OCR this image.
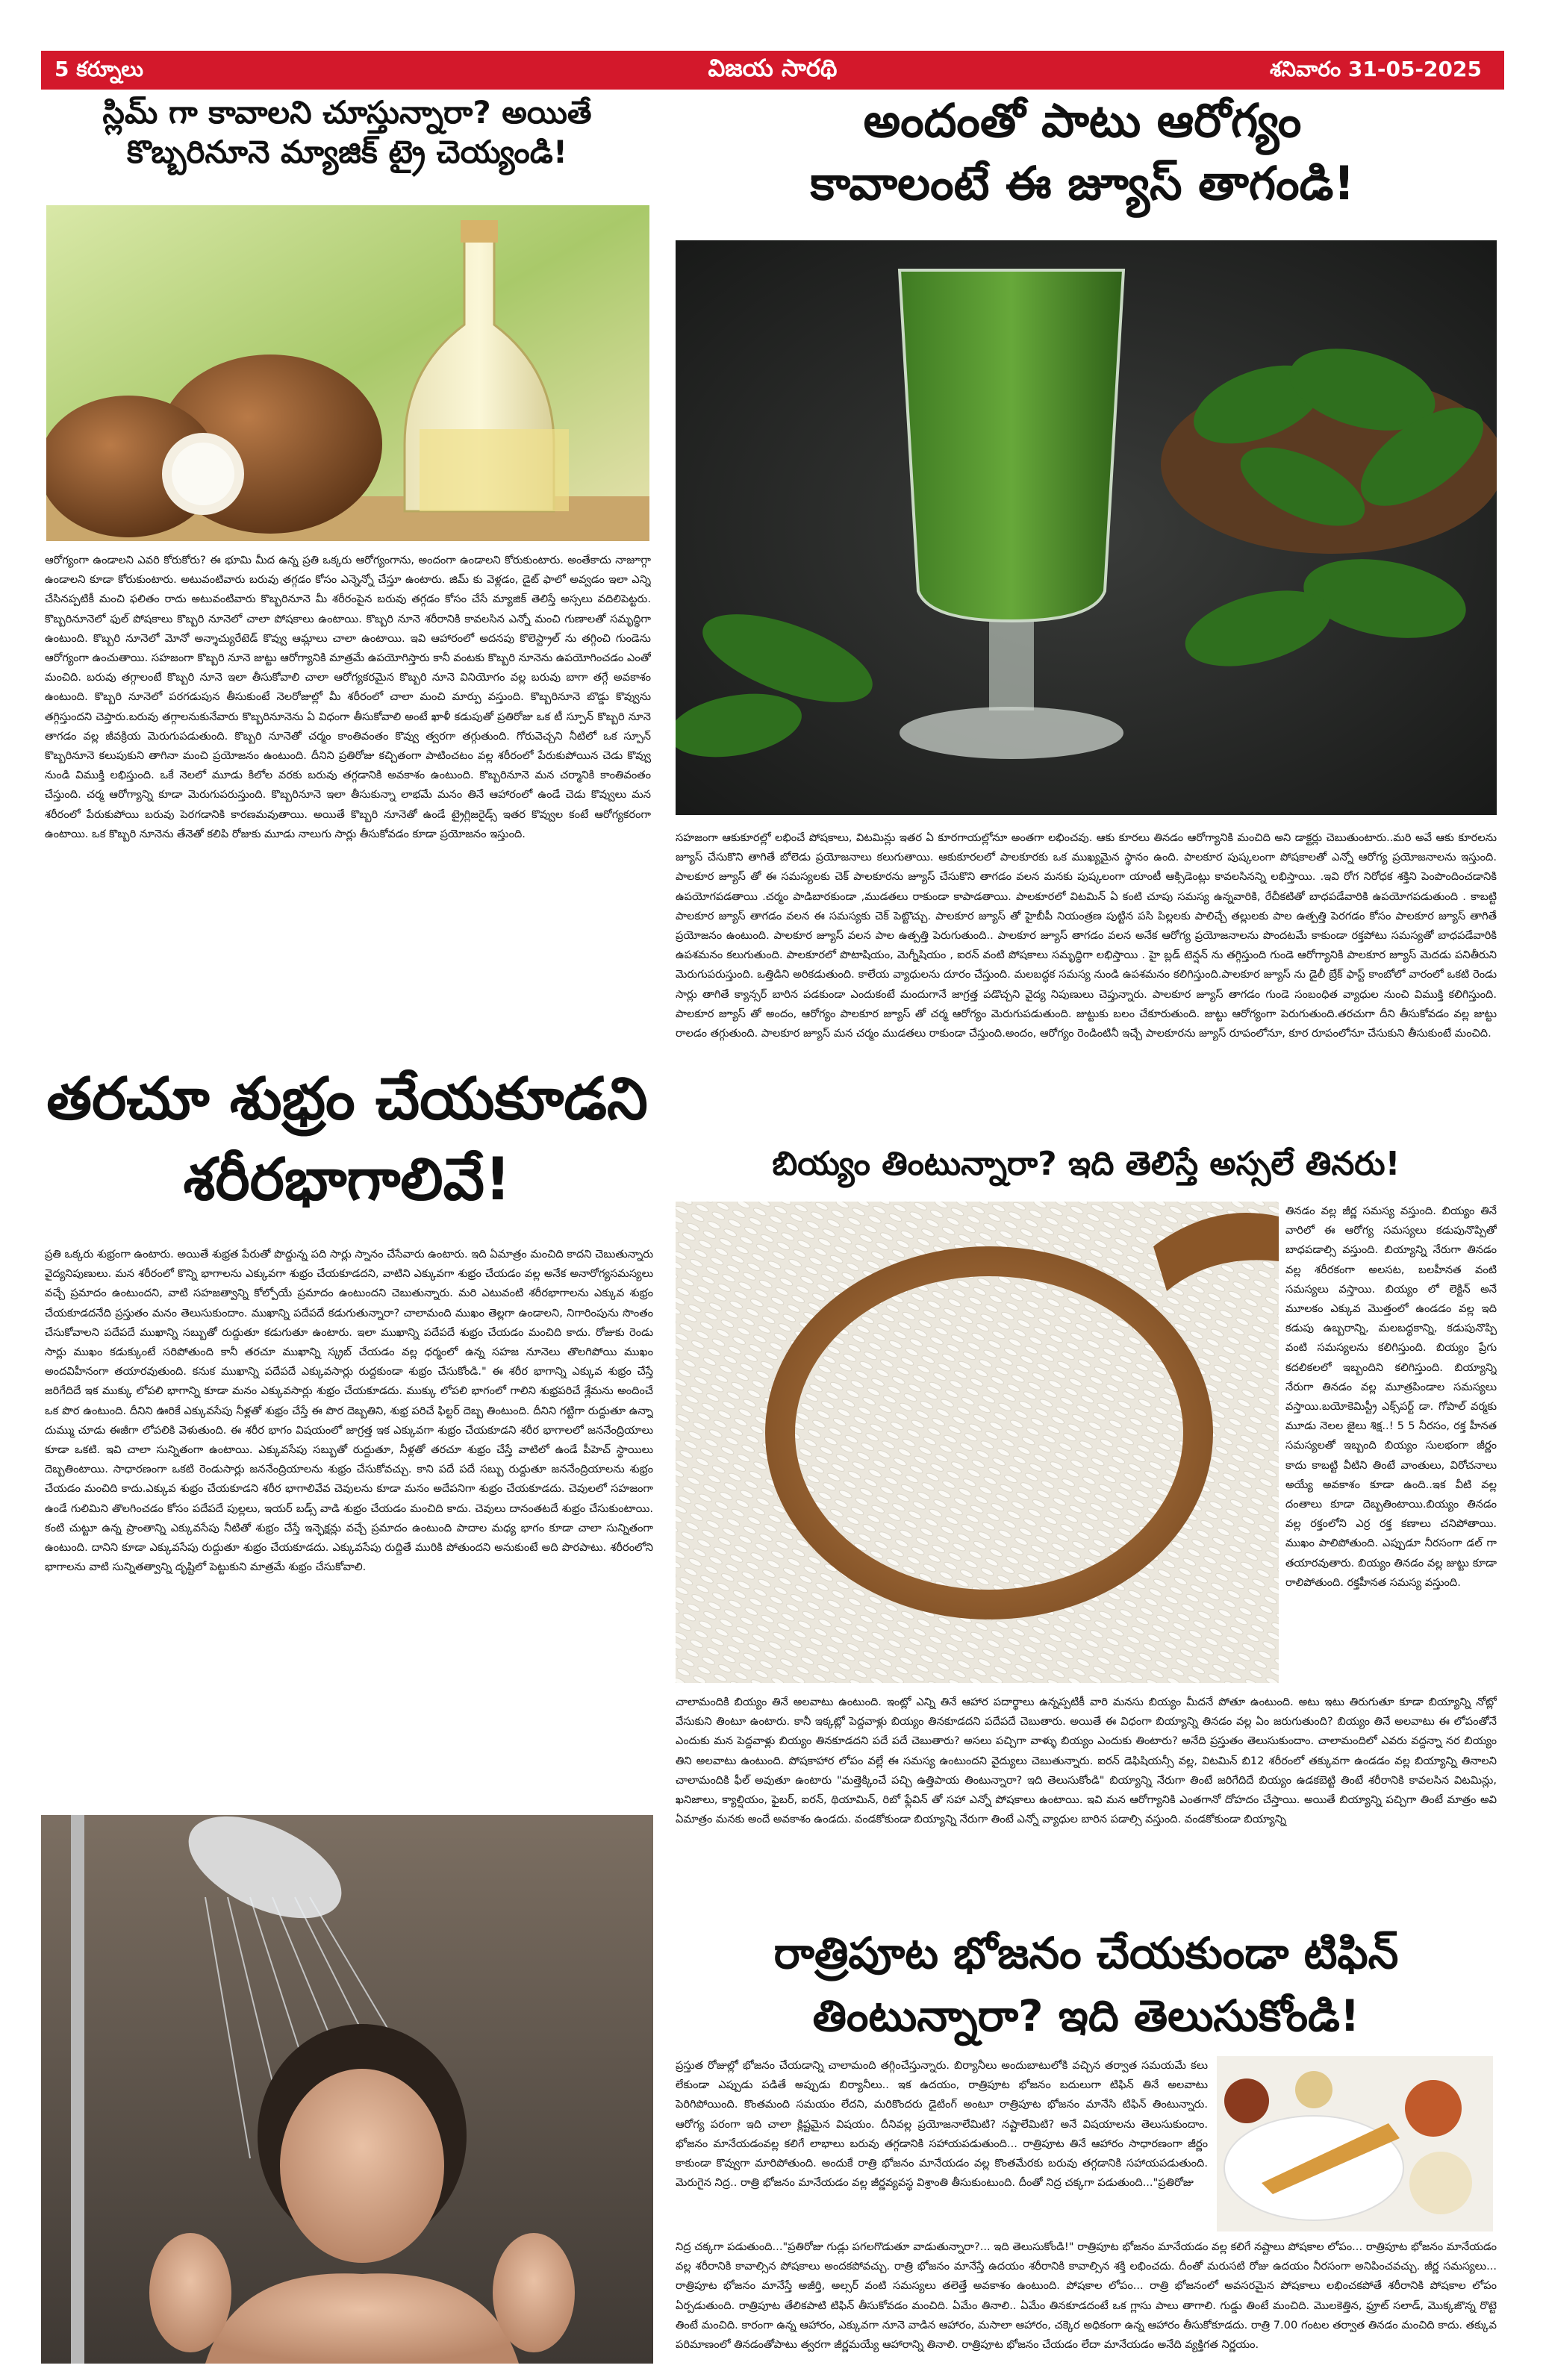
5 కర్నూలు	విజయ సారథి	శనివారం 31-05-2025
స్లిమ్ గా కావాలని చూస్తున్నారా? అయితే
కొబ్బరినూనె మ్యాజిక్ ట్రై చెయ్యండి!

ఆరోగ్యంగా ఉండాలని ఎవరి కోరుకోరు? ఈ భూమి మీద ఉన్న ప్రతి ఒక్కరు ఆరోగ్యంగాను, అందంగా ఉండాలని కోరుకుంటారు. అంతేకాదు నాజూగ్గా ఉండాలని కూడా కోరుకుంటారు. అటువంటివారు బరువు తగ్గడం కోసం ఎన్నెన్నో చేస్తూ ఉంటారు. జిమ్ కు వెళ్లడం, డైట్ ఫాలో అవ్వడం ఇలా ఎన్ని చేసినప్పటికీ మంచి ఫలితం రాదు అటువంటివారు కొబ్బరినూనె మీ శరీరంపైన బరువు తగ్గడం కోసం చేసే మ్యాజిక్ తెలిస్తే అస్సలు వదిలిపెట్టరు. కొబ్బరినూనెలో ఫుల్ పోషకాలు కొబ్బరి నూనెలో చాలా పోషకాలు ఉంటాయి. కొబ్బరి నూనె శరీరానికి కావలసిన ఎన్నో మంచి గుణాలతో సమృద్ధిగా ఉంటుంది. కొబ్బరి నూనెలో మోనో అన్శాచ్యురేటెడ్ కొవ్వు ఆమ్లాలు చాలా ఉంటాయి. ఇవి ఆహారంలో అదనపు కొలెస్ట్రాల్ ను తగ్గించి గుండెను ఆరోగ్యంగా ఉంచుతాయి. సహజంగా కొబ్బరి నూనె జుట్టు ఆరోగ్యానికి మాత్రమే ఉపయోగిస్తారు కానీ వంటకు కొబ్బరి నూనెను ఉపయోగించడం ఎంతో మంచిది. బరువు తగ్గాలంటే కొబ్బరి నూనె ఇలా తీసుకోవాలి చాలా ఆరోగ్యకరమైన కొబ్బరి నూనె వినియోగం వల్ల బరువు బాగా తగ్గే అవకాశం ఉంటుంది. కొబ్బరి నూనెలో పరగడుపున తీసుకుంటే నెలరోజుల్లో మీ శరీరంలో చాలా మంచి మార్పు వస్తుంది. కొబ్బరినూనె బొడ్డు కొవ్వును తగ్గిస్తుందని చెప్తారు.బరువు తగ్గాలనుకునేవారు కొబ్బరినూనెను ఏ విధంగా తీసుకోవాలి అంటే ఖాళీ కడుపుతో ప్రతిరోజు ఒక టీ స్పూన్ కొబ్బరి నూనె తాగడం వల్ల జీవక్రియ మెరుగుపడుతుంది. కొబ్బరి నూనెతో చర్మం కాంతివంతం కొవ్వు త్వరగా తగ్గుతుంది. గోరువెచ్చని నీటిలో ఒక స్పూన్ కొబ్బరినూనె కలుపుకుని తాగినా మంచి ప్రయోజనం ఉంటుంది. దీనిని ప్రతిరోజు కచ్చితంగా పాటించటం వల్ల శరీరంలో పేరుకుపోయిన చెడు కొవ్వు నుండి విముక్తి లభిస్తుంది. ఒకే నెలలో మూడు కిలోల వరకు బరువు తగ్గడానికి అవకాశం ఉంటుంది. కొబ్బరినూనె మన చర్మానికి కాంతివంతం చేస్తుంది. చర్మ ఆరోగ్యాన్ని కూడా మెరుగుపరుస్తుంది. కొబ్బరినూనె ఇలా తీసుకున్నా లాభమే మనం తినే ఆహారంలో ఉండే చెడు కొవ్వులు మన శరీరంలో పేరుకుపోయి బరువు పెరగడానికి కారణమవుతాయి. అయితే కొబ్బరి నూనెతో ఉండే ట్రైగ్లిజరైడ్స్ ఇతర కొవ్వుల కంటే ఆరోగ్యకరంగా ఉంటాయి. ఒక కొబ్బరి నూనెను తేనెతో కలిపి రోజుకు మూడు నాలుగు సార్లు తీసుకోవడం కూడా ప్రయోజనం ఇస్తుంది.

అందంతో పాటు ఆరోగ్యం
కావాలంటే ఈ జ్యూస్ తాగండి!

సహజంగా ఆకుకూరల్లో లభించే పోషకాలు, విటమిన్లు ఇతర ఏ కూరగాయల్లోనూ అంతగా లభించవు. ఆకు కూరలు తినడం ఆరోగ్యానికి మంచిది అని డాక్టర్లు చెబుతుంటారు..మరి అవే ఆకు కూరలను జ్యూస్ చేసుకొని తాగితే బోలెడు ప్రయోజనాలు కలుగుతాయి. ఆకుకూరలలో పాలకూరకు ఒక ముఖ్యమైన స్థానం ఉంది. పాలకూర పుష్కలంగా పోషకాలతో ఎన్నో ఆరోగ్య ప్రయోజనాలను ఇస్తుంది. పాలకూర జ్యూస్ తో ఈ సమస్యలకు చెక్ పాలకూరను జ్యూస్ చేసుకొని తాగడం వలన మనకు పుష్కలంగా యాంటీ ఆక్సిడెంట్లు కావలసినన్ని లభిస్తాయి. .ఇవి రోగ నిరోధక శక్తిని పెంపొందించడానికి ఉపయోగపడతాయి .చర్మం పాడిబారకుండా ,ముడతలు రాకుండా కాపాడతాయి. పాలకూరలో విటమిన్ ఏ కంటి చూపు సమస్య ఉన్నవారికి, రేచీకటితో బాధపడేవారికి ఉపయోగపడుతుంది . కాబట్టి పాలకూర జ్యూస్ తాగడం వలన ఈ సమస్యకు చెక్ పెట్టొచ్చు. పాలకూర జ్యూస్ తో హైబీపీ నియంత్రణ పుట్టిన పసి పిల్లలకు పాలిచ్చే తల్లులకు పాల ఉత్పత్తి పెరగడం కోసం పాలకూర జ్యూస్ తాగితే ప్రయోజనం ఉంటుంది. పాలకూర జ్యూస్ వలన పాల ఉత్పత్తి పెరుగుతుంది.. పాలకూర జ్యూస్ తాగడం వలన అనేక ఆరోగ్య ప్రయోజనాలను పొందటమే కాకుండా రక్తపోటు సమస్యతో బాధపడేవారికి ఉపశమనం కలుగుతుంది. పాలకూరలో పొటాషియం, మెగ్నీషియం , ఐరన్ వంటి పోషకాలు సమృద్ధిగా లభిస్తాయి . హై బ్లడ్ టెన్షన్ ను తగ్గిస్తుంది గుండె ఆరోగ్యానికి పాలకూర జ్యూస్ మెదడు పనితీరుని మెరుగుపరుస్తుంది. ఒత్తిడిని అరికడుతుంది. కాలేయ వ్యాధులను దూరం చేస్తుంది. మలబద్ధక సమస్య నుండి ఉపశమనం కలిగిస్తుంది.పాలకూర జ్యూస్ ను డైలీ బ్రేక్ ఫాస్ట్ కాంబోలో వారంలో ఒకటి రెండు సార్లు తాగితే క్యాన్సర్ బారిన పడకుండా ఎందుకంటే మందుగానే జాగ్రత్త పడొచ్చని వైద్య నిపుణులు చెప్తున్నారు. పాలకూర జ్యూస్ తాగడం గుండె సంబంధిత వ్యాధుల నుంచి విముక్తి కలిగిస్తుంది. పాలకూర జ్యూస్ తో అందం, ఆరోగ్యం పాలకూర జ్యూస్ తో చర్మ ఆరోగ్యం మెరుగుపడుతుంది. జుట్టుకు బలం చేకూరుతుంది. జుట్టు ఆరోగ్యంగా పెరుగుతుంది.తరచుగా దీని తీసుకోవడం వల్ల జుట్టు రాలడం తగ్గుతుంది. పాలకూర జ్యూస్ మన చర్మం ముడతలు రాకుండా చేస్తుంది.అందం, ఆరోగ్యం రెండింటినీ ఇచ్చే పాలకూరను జ్యూస్ రూపంలోనూ, కూర రూపంలోనూ చేసుకుని తీసుకుంటే మంచిది.

తరచూ శుభ్రం చేయకూడని
శరీరభాగాలివే!

ప్రతి ఒక్కరు శుభ్రంగా ఉంటారు. అయితే శుభ్రత పేరుతో పొద్దున్న పది సార్లు స్నానం చేసేవారు ఉంటారు. ఇది ఏమాత్రం మంచిది కాదని చెబుతున్నారు వైద్యనిపుణులు. మన శరీరంలో కొన్ని భాగాలను ఎక్కువగా శుభ్రం చేయకూడదని, వాటిని ఎక్కువగా శుభ్రం చేయడం వల్ల అనేక అనారోగ్యసమస్యలు వచ్చే ప్రమాదం ఉంటుందని, వాటి సహజత్వాన్ని కోల్పోయే ప్రమాదం ఉంటుందని చెబుతున్నారు. మరి ఎటువంటి శరీరభాగాలను ఎక్కువ శుభ్రం చేయకూడదనేది ప్రస్తుతం మనం తెలుసుకుందాం. ముఖాన్ని పదేపదే కడుగుతున్నారా? చాలామంది ముఖం తెల్లగా ఉండాలని, నిగారింపును సొంతం చేసుకోవాలని పదేపదే ముఖాన్ని సబ్బుతో రుద్దుతూ కడుగుతూ ఉంటారు. ఇలా ముఖాన్ని పదేపదే శుభ్రం చేయడం మంచిది కాదు. రోజుకు రెండు సార్లు ముఖం కడుక్కుంటే సరిపోతుంది కానీ తరచూ ముఖాన్ని స్క్రబ్ చేయడం వల్ల ధర్మంలో ఉన్న సహజ నూనెలు తొలగిపోయి ముఖం అందవిహీనంగా తయారవుతుంది. కనుక ముఖాన్ని పదేపదే ఎక్కువసార్లు రుద్దకుండా శుభ్రం చేసుకోండి." ఈ శరీర భాగాన్ని ఎక్కువ శుభ్రం చేస్తే జరిగేదిదే ఇక ముక్కు లోపలి భాగాన్ని కూడా మనం ఎక్కువసార్లు శుభ్రం చేయకూడదు. ముక్కు లోపలి భాగంలో గాలిని శుభ్రపరిచే శ్లేమను అందించే ఒక పొర ఉంటుంది. దీనిని ఊరికే ఎక్కువసేపు నీళ్లతో శుభ్రం చేస్తే ఈ పొర దెబ్బతిని, శుభ్ర పరిచే ఫిల్టర్ దెబ్బ తింటుంది. దీనిని గట్టిగా రుద్దుతూ ఉన్నా దుమ్ము చూడు ఈజీగా లోపలికి వెళుతుంది. ఈ శరీర భాగం విషయంలో జాగ్రత్త ఇక ఎక్కువగా శుభ్రం చేయకూడని శరీర భాగాలలో జననేంద్రియాలు కూడా ఒకటి. ఇవి చాలా సున్నితంగా ఉంటాయి. ఎక్కువసేపు సబ్బుతో రుద్దుతూ, నీళ్లతో తరచూ శుభ్రం చేస్తే వాటిలో ఉండే పీహెచ్ స్థాయిలు దెబ్బతింటాయి. సాధారణంగా ఒకటి రెండుసార్లు జననేంద్రియాలను శుభ్రం చేసుకోవచ్చు. కాని పదే పదే సబ్బు రుద్దుతూ జననేంద్రియాలను శుభ్రం చేయడం మంచిది కాదు.ఎక్కువ శుభ్రం చేయకూడని శరీర భాగాలివేవ చెవులను కూడా మనం అదేపనిగా శుభ్రం చేయకూడదు. చెవులలో సహజంగా ఉండే గులిమిని తొలగించడం కోసం పదేపదే పుల్లలు, ఇయర్ బడ్స్ వాడి శుభ్రం చేయడం మంచిది కాదు. చెవులు దానంతటదే శుభ్రం చేసుకుంటాయి. కంటి చుట్టూ ఉన్న ప్రాంతాన్ని ఎక్కువసేపు నీటితో శుభ్రం చేస్తే ఇన్ఫెక్షన్లు వచ్చే ప్రమాదం ఉంటుంది పాదాల మధ్య భాగం కూడా చాలా సున్నితంగా ఉంటుంది. దానిని కూడా ఎక్కువసేపు రుద్దుతూ శుభ్రం చేయకూడదు. ఎక్కువసేపు రుద్దితే మురికి పోతుందని అనుకుంటే అది పొరపాటు. శరీరంలోని భాగాలను వాటి సున్నితత్వాన్ని దృష్టిలో పెట్టుకుని మాత్రమే శుభ్రం చేసుకోవాలి.

బియ్యం తింటున్నారా? ఇది తెలిస్తే అస్సలే తినరు!

తినడం వల్ల జీర్ణ సమస్య వస్తుంది. బియ్యం తినే వారిలో ఈ ఆరోగ్య సమస్యలు కడుపునొప్పితో బాధపడాల్సి వస్తుంది. బియ్యాన్ని నేరుగా తినడం వల్ల శరీరకంగా అలసట, బలహీనత వంటి సమస్యలు వస్తాయి. బియ్యం లో లెక్టిన్ అనే మూలకం ఎక్కువ మొత్తంలో ఉండడం వల్ల ఇది కడుపు ఉబ్బరాన్ని, మలబద్ధకాన్ని, కడుపునొప్పి వంటి సమస్యలను కలిగిస్తుంది. బియ్యం ప్రేగు కదలికలలో ఇబ్బందిని కలిగిస్తుంది. బియ్యాన్ని నేరుగా తినడం వల్ల మూత్రపిండాల సమస్యలు వస్తాయి.బయోకెమిస్ట్రీ ఎక్స్‌పర్ట్ డా. గోపాల్ వర్మకు మూడు నెలల జైలు శిక్ష..! 5 5 నీరసం, రక్త హీనత సమస్యలతో ఇబ్బంది బియ్యం సులభంగా జీర్ణం కాదు కాబట్టి వీటిని తింటే వాంతులు, విరోచనాలు అయ్యే అవకాశం కూడా ఉంది..ఇక వీటి వల్ల దంతాలు కూడా దెబ్బతింటాయి.బియ్యం తినడం వల్ల రక్తంలోని ఎర్ర రక్త కణాలు చనిపోతాయి. ముఖం పాలిపోతుంది. ఎప్పుడూ నీరసంగా డల్ గా తయారవుతారు. బియ్యం తినడం వల్ల జుట్టు కూడా రాలిపోతుంది. రక్తహీనత సమస్య వస్తుంది.

చాలామందికి బియ్యం తినే అలవాటు ఉంటుంది. ఇంట్లో ఎన్ని తినే ఆహార పదార్థాలు ఉన్నప్పటికీ వారి మనసు బియ్యం మీదనే పోతూ ఉంటుంది. అటు ఇటు తిరుగుతూ కూడా బియ్యాన్ని నోట్లో వేసుకుని తింటూ ఉంటారు. కానీ ఇక్కట్లో పెద్దవాళ్లు బియ్యం తినకూడదని పదేపదే చెబుతారు. అయితే ఈ విధంగా బియ్యాన్ని తినడం వల్ల ఏం జరుగుతుంది? బియ్యం తినే అలవాటు ఈ లోపంతోనే ఎందుకు మన పెద్దవాళ్లు బియ్యం తినకూడదని పదే పదే చెబుతారు? అసలు పచ్చిగా వాళ్ళు బియ్యం ఎందుకు తింటారు? అనేది ప్రస్తుతం తెలుసుకుందాం. చాలామందిలో ఎవరు వద్దన్నా నర బియ్యం తిని అలవాటు ఉంటుంది. పోషకాహార లోపం వల్లే ఈ సమస్య ఉంటుందని వైద్యులు చెబుతున్నారు. ఐరన్ డెఫిషియన్సీ వల్ల, విటమిన్ బి12 శరీరంలో తక్కువగా ఉండడం వల్ల బియ్యాన్ని తినాలని చాలామందికి ఫీల్ అవుతూ ఉంటారు "మత్తెక్కించే పచ్చి ఉత్తిపాయ తింటున్నారా? ఇది తెలుసుకోండి" బియ్యాన్ని నేరుగా తింటే జరిగేదిదే బియ్యం ఉడకబెట్టి తింటే శరీరానికి కావలసిన విటమిన్లు, ఖనిజాలు, క్యాల్షియం, ఫైబర్, ఐరన్, థియామిన్, రిబో ఫ్లేవిన్ తో సహా ఎన్నో పోషకాలు ఉంటాయి. ఇవి మన ఆరోగ్యానికి ఎంతగానో దోహదం చేస్తాయి. అయితే బియ్యాన్ని పచ్చిగా తింటే మాత్రం అవి ఏమాత్రం మనకు అందే అవకాశం ఉండదు. వండకోకుండా బియ్యాన్ని నేరుగా తింటే ఎన్నో వ్యాధుల బారిన పడాల్సి వస్తుంది. వండకోకుండా బియ్యాన్ని

రాత్రిపూట భోజనం చేయకుండా టిఫిన్
తింటున్నారా? ఇది తెలుసుకోండి!

ప్రస్తుత రోజుల్లో భోజనం చేయడాన్ని చాలామంది తగ్గించేస్తున్నారు. బిర్యానీలు అందుబాటులోకి వచ్చిన తర్వాత సమయమే కలు లేకుండా ఎప్పుడు పడితే అప్పుడు బిర్యానీలు.. ఇక ఉదయం, రాత్రిపూట భోజనం బదులుగా టిఫిన్ తినే అలవాటు పెరిగిపోయింది. కొంతమంది సమయం లేదని, మరికొందరు డైటింగ్ అంటూ రాత్రిపూట భోజనం మానేసి టిఫిన్ తింటున్నారు. ఆరోగ్య పరంగా ఇది చాలా క్లిష్టమైన విషయం. దీనివల్ల ప్రయోజనాలేమిటి? నష్టాలేమిటి? అనే విషయాలను తెలుసుకుందాం. భోజనం మానేయడంవల్ల కలిగే లాభాలు బరువు తగ్గడానికి సహాయపడుతుంది... రాత్రిపూట తినే ఆహారం సాధారణంగా జీర్ణం కాకుండా కొవ్వుగా మారిపోతుంది. అందుకే రాత్రి భోజనం మానేయడం వల్ల కొంతమేరకు బరువు తగ్గడానికి సహాయపడుతుంది. మెరుగైన నిద్ర.. రాత్రి భోజనం మానేయడం వల్ల జీర్ణవ్యవస్థ విశ్రాంతి తీసుకుంటుంది. దీంతో నిద్ర చక్కగా పడుతుంది..."ప్రతిరోజు

నిద్ర చక్కగా పడుతుంది..."ప్రతిరోజు గుడ్లు పగలగొడుతూ వాడుతున్నారా?... ఇది తెలుసుకోండి!" రాత్రిపూట భోజనం మానేయడం వల్ల కలిగే నష్టాలు పోషకాల లోపం... రాత్రిపూట భోజనం మానేయడం వల్ల శరీరానికి కావాల్సిన పోషకాలు అందకపోవచ్చు. రాత్రి భోజనం మానేస్తే ఉదయం శరీరానికి కావాల్సిన శక్తి లభించదు. దీంతో మరుసటి రోజు ఉదయం నీరసంగా అనిపించవచ్చు. జీర్ణ సమస్యలు... రాత్రిపూట భోజనం మానేస్తే అజీర్తి, అల్సర్ వంటి సమస్యలు తలెత్తే అవకాశం ఉంటుంది. పోషకాల లోపం... రాత్రి భోజనంలో అవసరమైన పోషకాలు లభించకపోతే శరీరానికి పోషకాల లోపం ఏర్పడుతుంది. రాత్రిపూట తేలికపాటి టిఫిన్ తీసుకోవడం మంచిది. ఏమేం తినాలి.. ఏమేం తినకూడదంటే ఒక గ్లాసు పాలు తాగాలి. గుడ్డు తింటే మంచిది. మొలకెత్తిన, ఫ్రూట్ సలాడ్, మొక్కజొన్న రొట్టె తింటే మంచిది. కారంగా ఉన్న ఆహారం, ఎక్కువగా నూనె వాడిన ఆహారం, మసాలా ఆహారం, చక్కెర అధికంగా ఉన్న ఆహారం తీసుకోకూడదు. రాత్రి 7.00 గంటల తర్వాత తినడం మంచిది కాదు. తక్కువ పరిమాణంలో తినడంతోపాటు త్వరగా జీర్ణమయ్యే ఆహారాన్ని తినాలి. రాత్రిపూట భోజనం చేయడం లేదా మానేయడం అనేది వ్యక్తిగత నిర్ణయం.
